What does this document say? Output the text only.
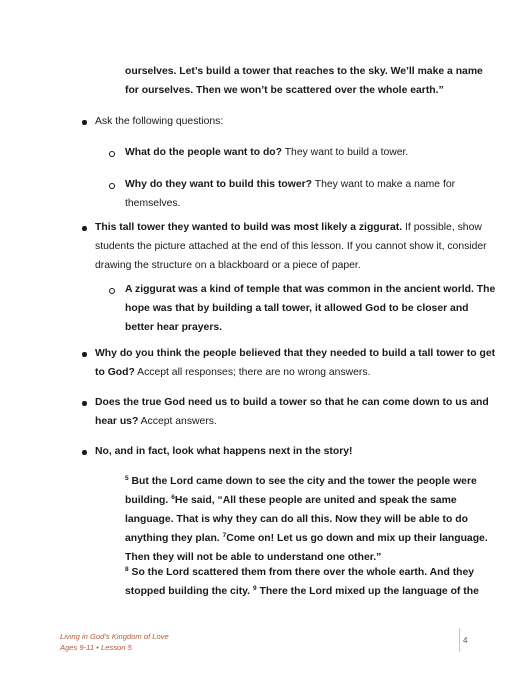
ourselves. Let’s build a tower that reaches to the sky. We’ll make a name
for ourselves. Then we won’t be scattered over the whole earth.”
Ask the following questions:
What do the people want to do? They want to build a tower.
Why do they want to build this tower? They want to make a name for
themselves.
This tall tower they wanted to build was most likely a ziggurat. If possible, show
students the picture attached at the end of this lesson. If you cannot show it, consider
drawing the structure on a blackboard or a piece of paper.
A ziggurat was a kind of temple that was common in the ancient world. The
hope was that by building a tall tower, it allowed God to be closer and
better hear prayers.
Why do you think the people believed that they needed to build a tall tower to get
to God? Accept all responses; there are no wrong answers.
Does the true God need us to build a tower so that he can come down to us and
hear us? Accept answers.
No, and in fact, look what happens next in the story!
$^5$ But the Lord came down to see the city and the tower the people were
building. $^6$He said, “All these people are united and speak the same
language. That is why they can do all this. Now they will be able to do
anything they plan. $^7$Come on! Let us go down and mix up their language.
Then they will not be able to understand one other.”
$^8$ So the Lord scattered them from there over the whole earth. And they
stopped building the city. $^9$ There the Lord mixed up the language of the
Living in God’s Kingdom of Love
Ages 9-11 • Lesson 5
4
